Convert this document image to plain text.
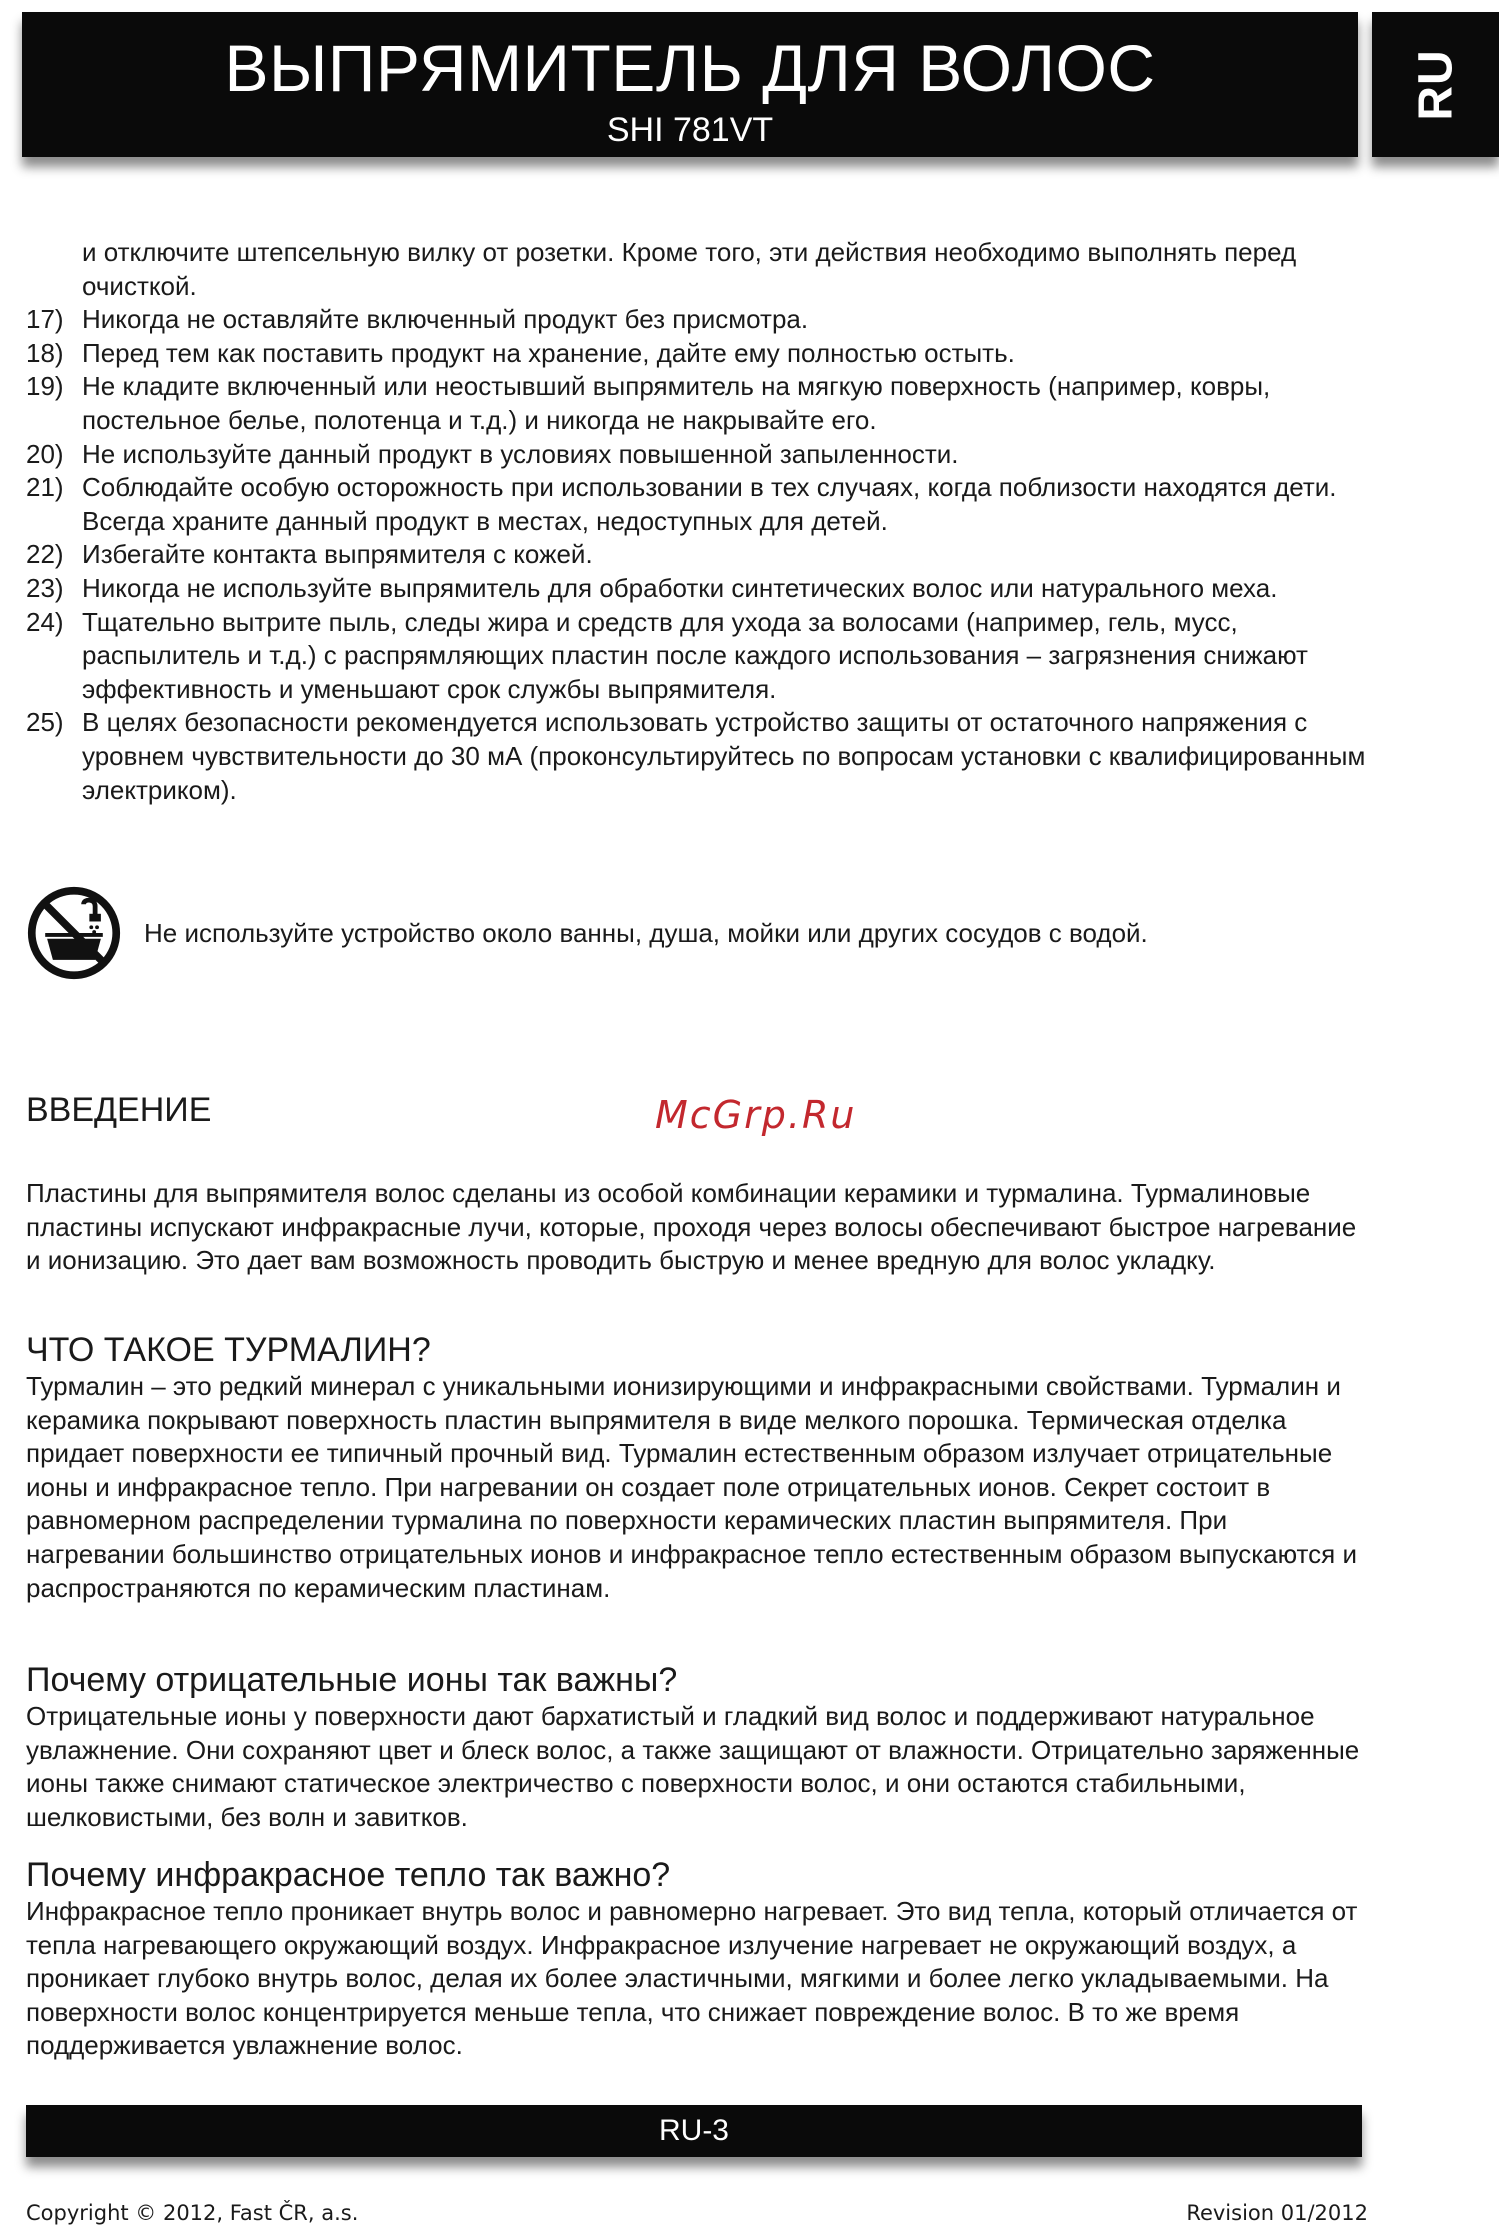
ВЫПРЯМИТЕЛЬ ДЛЯ ВОЛОС
SHI 781VT
RU
и отключите штепсельную вилку от розетки. Кроме того, эти действия необходимо выполнять перед очисткой.
17) Никогда не оставляйте включенный продукт без присмотра.
18) Перед тем как поставить продукт на хранение, дайте ему полностью остыть.
19) Не кладите включенный или неостывший выпрямитель на мягкую поверхность (например, ковры, постельное белье, полотенца и т.д.) и никогда не накрывайте его.
20) Не используйте данный продукт в условиях повышенной запыленности.
21) Соблюдайте особую осторожность при использовании в тех случаях, когда поблизости находятся дети. Всегда храните данный продукт в местах, недоступных для детей.
22) Избегайте контакта выпрямителя с кожей.
23) Никогда не используйте выпрямитель для обработки синтетических волос или натурального меха.
24) Тщательно вытрите пыль, следы жира и средств для ухода за волосами (например, гель, мусс, распылитель и т.д.) с распрямляющих пластин после каждого использования – загрязнения снижают эффективность и уменьшают срок службы выпрямителя.
25) В целях безопасности рекомендуется использовать устройство защиты от остаточного напряжения с уровнем чувствительности до 30 мА (проконсультируйтесь по вопросам установки с квалифицированным электриком).
Не используйте устройство около ванны, душа, мойки или других сосудов с водой.
ВВЕДЕНИЕ	McGrp.Ru
Пластины для выпрямителя волос сделаны из особой комбинации керамики и турмалина. Турмалиновые пластины испускают инфракрасные лучи, которые, проходя через волосы обеспечивают быстрое нагревание и ионизацию. Это дает вам возможность проводить быструю и менее вредную для волос укладку.
ЧТО ТАКОЕ ТУРМАЛИН?
Турмалин – это редкий минерал с уникальными ионизирующими и инфракрасными свойствами. Турмалин и керамика покрывают поверхность пластин выпрямителя в виде мелкого порошка. Термическая отделка придает поверхности ее типичный прочный вид. Турмалин естественным образом излучает отрицательные ионы и инфракрасное тепло. При нагревании он создает поле отрицательных ионов. Секрет состоит в равномерном распределении турмалина по поверхности керамических пластин выпрямителя. При нагревании большинство отрицательных ионов и инфракрасное тепло естественным образом выпускаются и распространяются по керамическим пластинам.
Почему отрицательные ионы так важны?
Отрицательные ионы у поверхности дают бархатистый и гладкий вид волос и поддерживают натуральное увлажнение. Они сохраняют цвет и блеск волос, а также защищают от влажности. Отрицательно заряженные ионы также снимают статическое электричество с поверхности волос, и они остаются стабильными, шелковистыми, без волн и завитков.
Почему инфракрасное тепло так важно?
Инфракрасное тепло проникает внутрь волос и равномерно нагревает. Это вид тепла, который отличается от тепла нагревающего окружающий воздух. Инфракрасное излучение нагревает не окружающий воздух, а проникает глубоко внутрь волос, делая их более эластичными, мягкими и более легко укладываемыми. На поверхности волос концентрируется меньше тепла, что снижает повреждение волос. В то же время поддерживается увлажнение волос.
RU-3
Copyright © 2012, Fast ČR, a.s.	Revision 01/2012
